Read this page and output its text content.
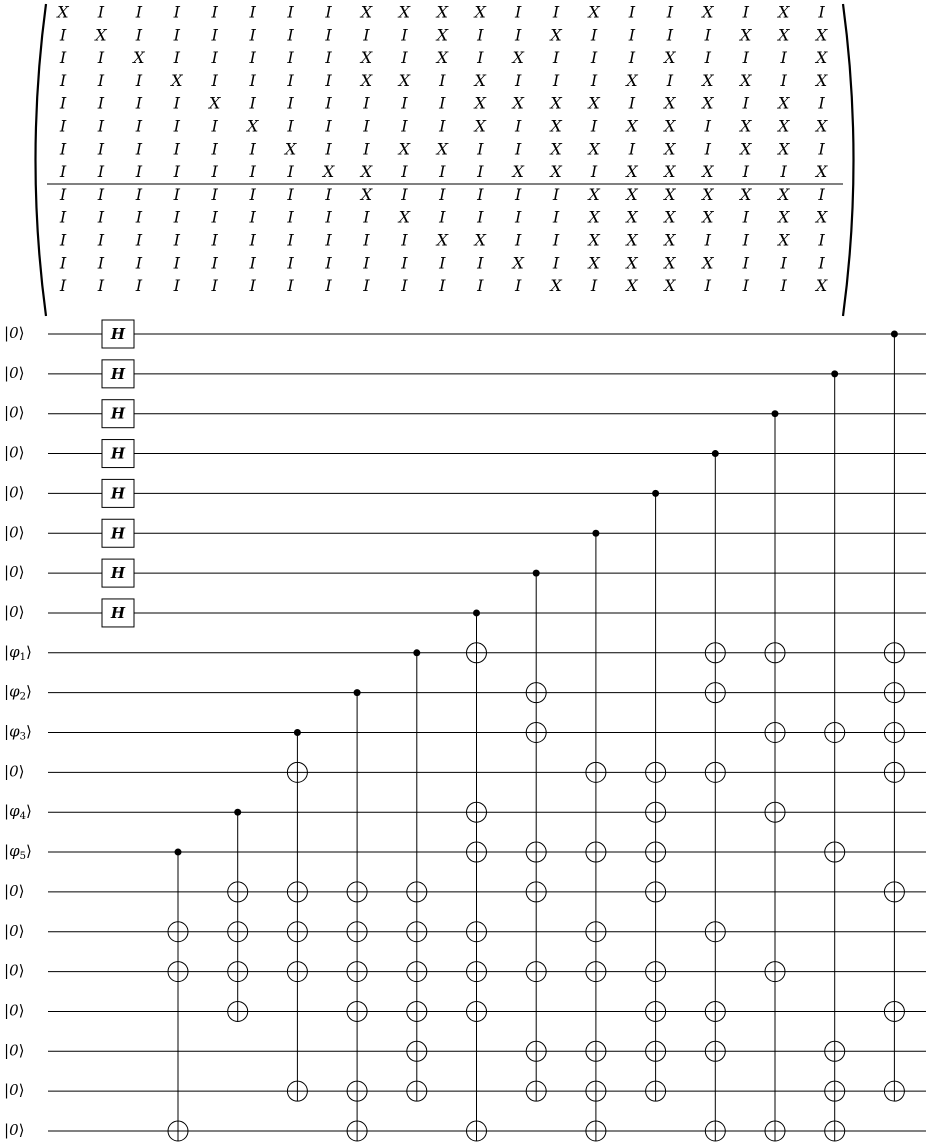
X I I I I I I I X X X X I I X I I X I X I
I X I I I I I I I I X I I X I I I I X X X
I I X I I I I I X I X I X I I I X I I I X
I I I X I I I I X X I X I I I X I X X I X
I I I I X I I I I I I X X X X I X X I X I
I I I I I X I I I I I X I X I X X I X X X
I I I I I I X I I X X I I X X I X I X X I
I I I I I I I X X I I I X X I X X X I I X
I I I I I I I I X I I I I I X X X X X X I
I I I I I I I I I X I I I I X X X X I X X
I I I I I I I I I I X X I I X X X I I X I
I I I I I I I I I I I I X I X X X X I I I
I I I I I I I I I I I I I X I X X I I I X
|0⟩
|0⟩
|0⟩
|0⟩
|0⟩
|0⟩
|0⟩
|0⟩
$|\varphi_1⟩$
$|\varphi_2⟩$
$|\varphi_3⟩$
|0⟩
$|\varphi_4⟩$
$|\varphi_5⟩$
|0⟩
|0⟩
|0⟩
|0⟩
|0⟩
|0⟩
|0⟩
H
H
H
H
H
H
H
H
